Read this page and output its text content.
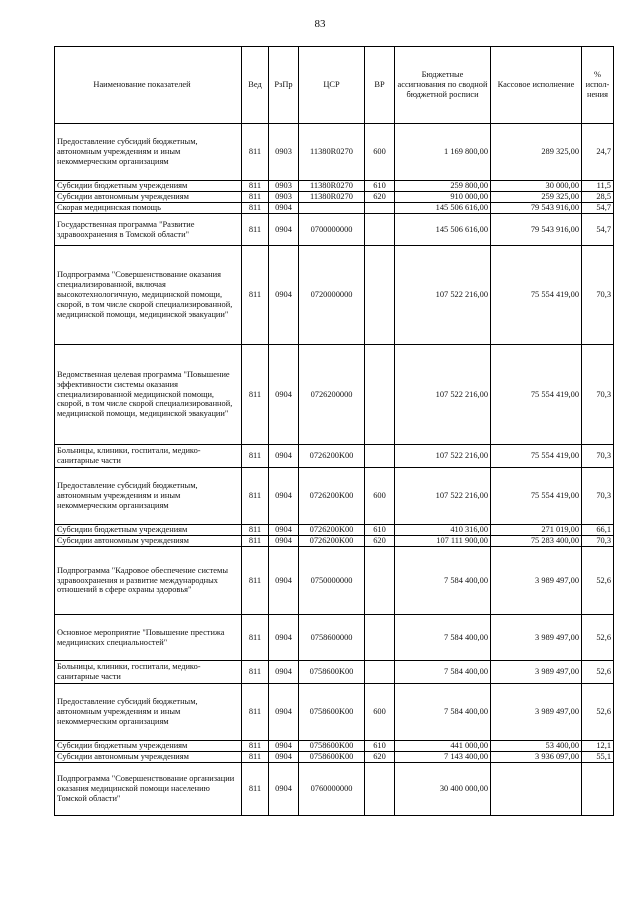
83
Наименование показателей	Вед	РзПр	ЦСР	ВР	Бюджетные ассигнования по сводной бюджетной росписи	Кассовое исполнение	% испол-нения
Предоставление субсидий бюджетным, автономным учреждениям и иным некоммерческим организациям	811	0903	11380R0270	600	1 169 800,00	289 325,00	24,7
Субсидии бюджетным учреждениям	811	0903	11380R0270	610	259 800,00	30 000,00	11,5
Субсидии автономным учреждениям	811	0903	11380R0270	620	910 000,00	259 325,00	28,5
Скорая медицинская помощь	811	0904			145 506 616,00	79 543 916,00	54,7
Государственная программа "Развитие здравоохранения в Томской области"	811	0904	0700000000		145 506 616,00	79 543 916,00	54,7
Подпрограмма "Совершенствование оказания специализированной, включая высокотехнологичную, медицинской помощи, скорой, в том числе скорой специализированной, медицинской помощи, медицинской эвакуации"	811	0904	0720000000		107 522 216,00	75 554 419,00	70,3
Ведомственная целевая программа "Повышение эффективности системы оказания специализированной медицинской помощи, скорой, в том числе скорой специализированной, медицинской помощи, медицинской эвакуации"	811	0904	0726200000		107 522 216,00	75 554 419,00	70,3
Больницы, клиники, госпитали, медико-санитарные части	811	0904	0726200K00		107 522 216,00	75 554 419,00	70,3
Предоставление субсидий бюджетным, автономным учреждениям и иным некоммерческим организациям	811	0904	0726200K00	600	107 522 216,00	75 554 419,00	70,3
Субсидии бюджетным учреждениям	811	0904	0726200K00	610	410 316,00	271 019,00	66,1
Субсидии автономным учреждениям	811	0904	0726200K00	620	107 111 900,00	75 283 400,00	70,3
Подпрограмма "Кадровое обеспечение системы здравоохранения и развитие международных отношений в сфере охраны здоровья"	811	0904	0750000000		7 584 400,00	3 989 497,00	52,6
Основное мероприятие "Повышение престижа медицинских специальностей"	811	0904	0758600000		7 584 400,00	3 989 497,00	52,6
Больницы, клиники, госпитали, медико-санитарные части	811	0904	0758600K00		7 584 400,00	3 989 497,00	52,6
Предоставление субсидий бюджетным, автономным учреждениям и иным некоммерческим организациям	811	0904	0758600K00	600	7 584 400,00	3 989 497,00	52,6
Субсидии бюджетным учреждениям	811	0904	0758600K00	610	441 000,00	53 400,00	12,1
Субсидии автономным учреждениям	811	0904	0758600K00	620	7 143 400,00	3 936 097,00	55,1
Подпрограмма "Совершенствование организации оказания медицинской помощи населению Томской области"	811	0904	0760000000		30 400 000,00		
